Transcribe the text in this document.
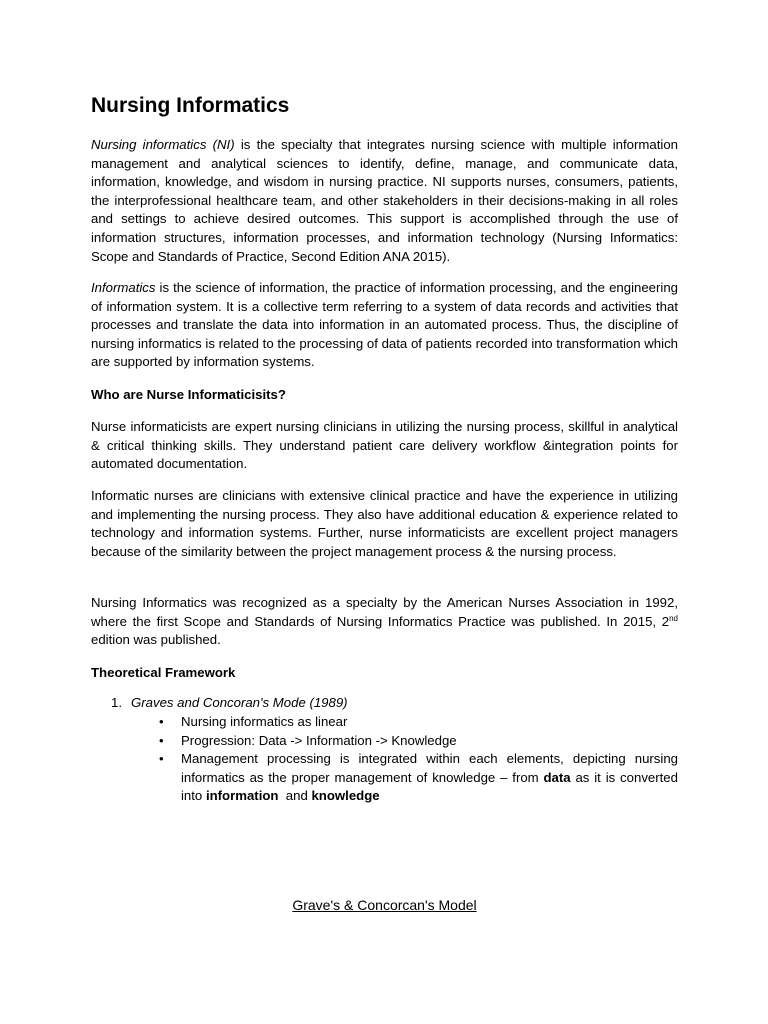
Nursing Informatics

Nursing informatics (NI) is the specialty that integrates nursing science with multiple information management and analytical sciences to identify, define, manage, and communicate data, information, knowledge, and wisdom in nursing practice. NI supports nurses, consumers, patients, the interprofessional healthcare team, and other stakeholders in their decisions-making in all roles and settings to achieve desired outcomes. This support is accomplished through the use of information structures, information processes, and information technology (Nursing Informatics: Scope and Standards of Practice, Second Edition ANA 2015).

Informatics is the science of information, the practice of information processing, and the engineering of information system. It is a collective term referring to a system of data records and activities that processes and translate the data into information in an automated process. Thus, the discipline of nursing informatics is related to the processing of data of patients recorded into transformation which are supported by information systems.

Who are Nurse Informaticisits?

Nurse informaticists are expert nursing clinicians in utilizing the nursing process, skillful in analytical & critical thinking skills. They understand patient care delivery workflow &integration points for automated documentation.

Informatic nurses are clinicians with extensive clinical practice and have the experience in utilizing and implementing the nursing process. They also have additional education & experience related to technology and information systems. Further, nurse informaticists are excellent project managers because of the similarity between the project management process & the nursing process.

Nursing Informatics was recognized as a specialty by the American Nurses Association in 1992, where the first Scope and Standards of Nursing Informatics Practice was published. In 2015, 2nd edition was published.

Theoretical Framework

1. Graves and Concoran's Mode (1989)
• Nursing informatics as linear
• Progression: Data -> Information -> Knowledge
• Management processing is integrated within each elements, depicting nursing informatics as the proper management of knowledge – from data as it is converted into information  and knowledge
Grave's & Concorcan's Model
